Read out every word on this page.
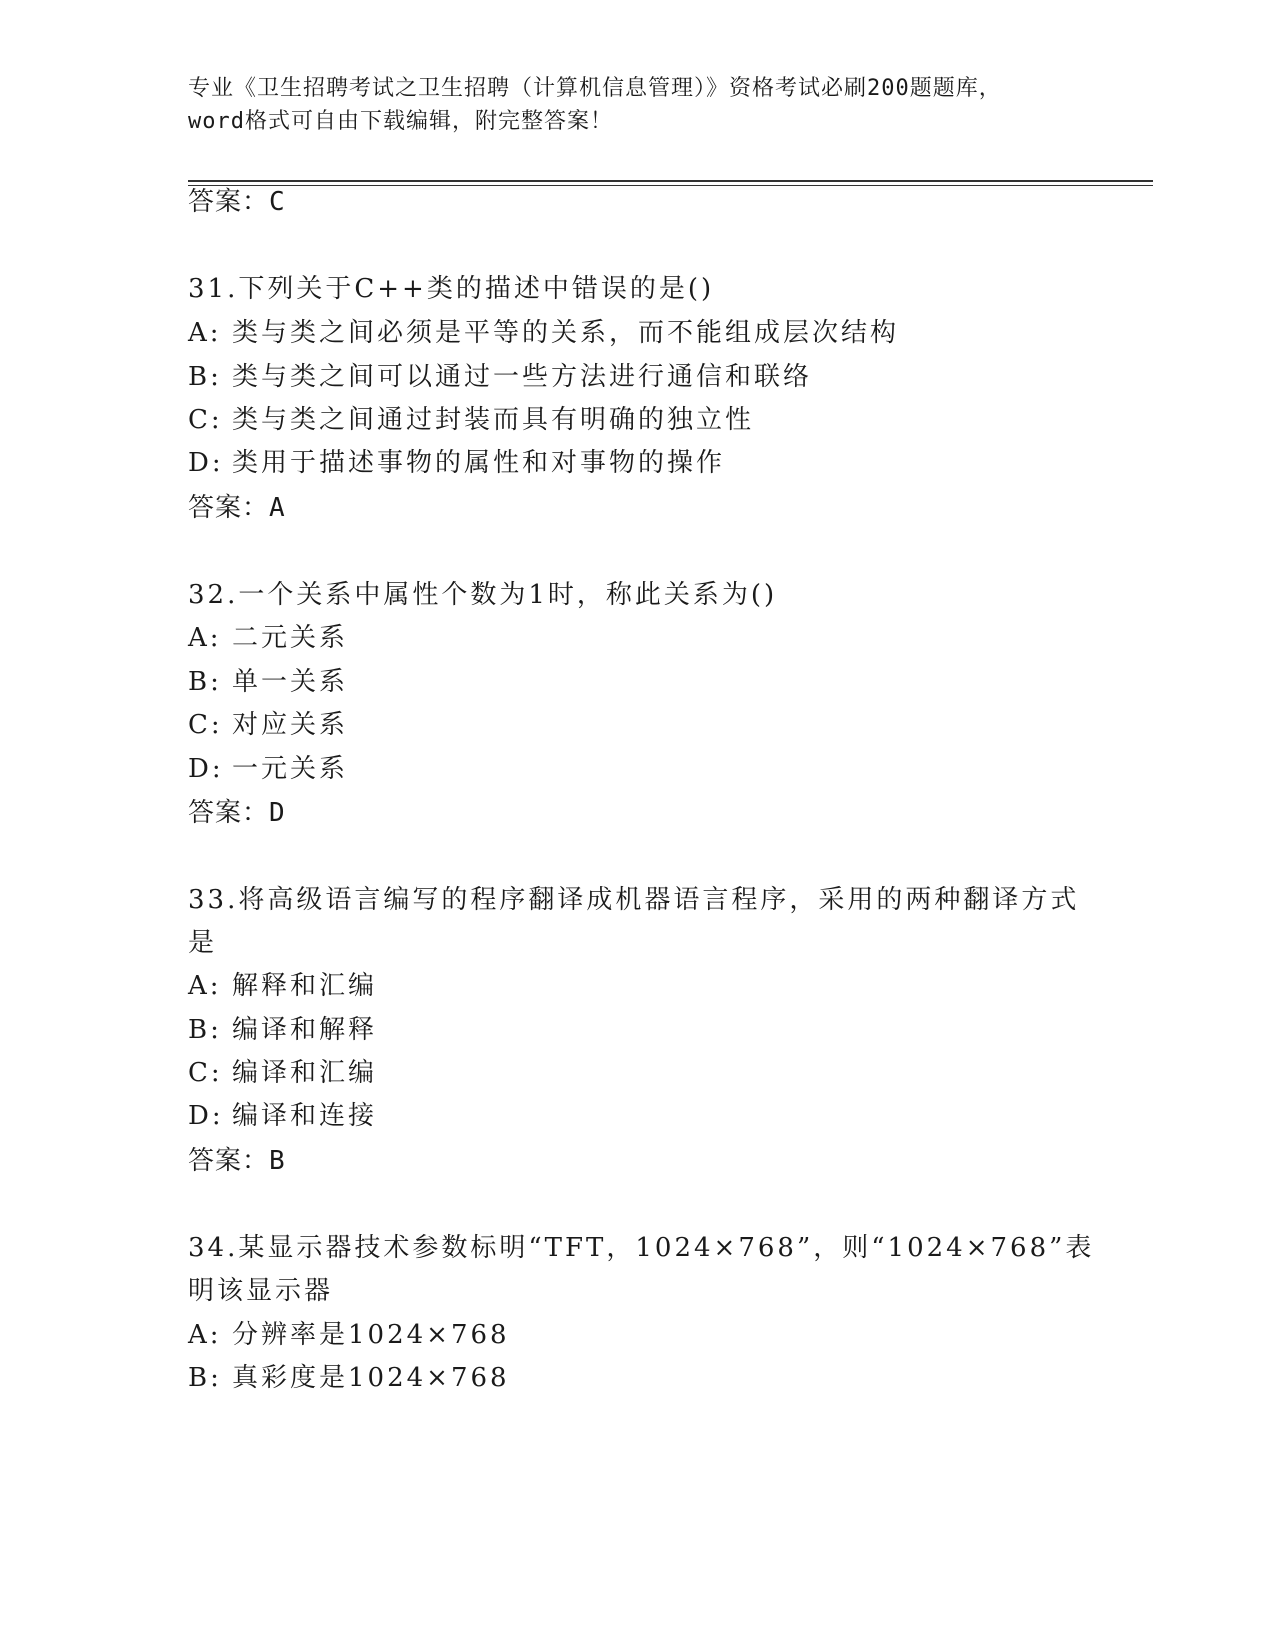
专业《卫生招聘考试之卫生招聘（计算机信息管理）》资格考试必刷200题题库，
word格式可自由下载编辑，附完整答案！
答案：C
31.下列关于C++类的描述中错误的是()
A: 类与类之间必须是平等的关系，而不能组成层次结构
B: 类与类之间可以通过一些方法进行通信和联络
C: 类与类之间通过封装而具有明确的独立性
D: 类用于描述事物的属性和对事物的操作
答案：A
32.一个关系中属性个数为1时，称此关系为()
A: 二元关系
B: 单一关系
C: 对应关系
D: 一元关系
答案：D
33.将高级语言编写的程序翻译成机器语言程序，采用的两种翻译方式
是
A: 解释和汇编
B: 编译和解释
C: 编译和汇编
D: 编译和连接
答案：B
34.某显示器技术参数标明“TFT，1024×768”，则“1024×768”表
明该显示器
A: 分辨率是1024×768
B: 真彩度是1024×768
